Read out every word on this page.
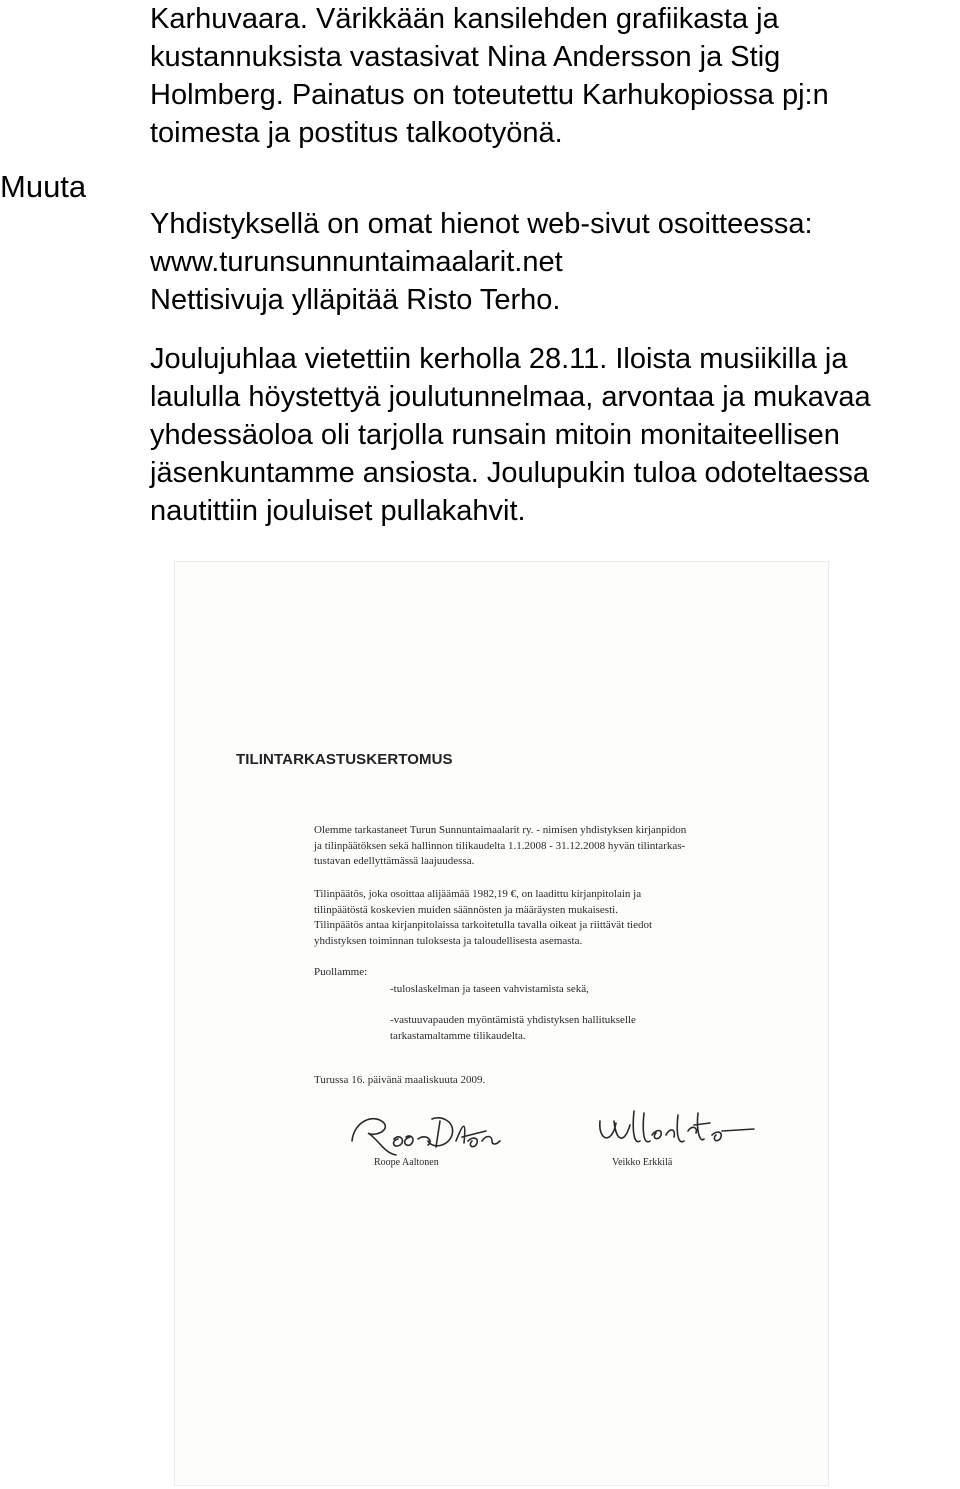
Muuta
Karhuvaara. Värikkään kansilehden grafiikasta ja
kustannuksista vastasivat Nina Andersson ja Stig
Holmberg. Painatus on toteutettu Karhukopiossa pj:n
toimesta ja postitus talkootyönä.
Yhdistyksellä on omat hienot web-sivut osoitteessa:
www.turunsunnuntaimaalarit.net
Nettisivuja ylläpitää Risto Terho.
Joulujuhlaa vietettiin kerholla 28.11. Iloista musiikilla ja
laululla höystettyä joulutunnelmaa, arvontaa ja mukavaa
yhdessäoloa oli tarjolla runsain mitoin monitaiteellisen
jäsenkuntamme ansiosta. Joulupukin tuloa odoteltaessa
nautittiin jouluiset pullakahvit.
TILINTARKASTUSKERTOMUS
Olemme tarkastaneet Turun Sunnuntaimaalarit ry. - nimisen yhdistyksen kirjanpidon
ja tilinpäätöksen sekä hallinnon tilikaudelta 1.1.2008 - 31.12.2008 hyvän tilintarkas-
tustavan edellyttämässä laajuudessa.
Tilinpäätös, joka osoittaa alijäämää 1982,19 €, on laadittu kirjanpitolain ja
tilinpäätöstä koskevien muiden säännösten ja määräysten mukaisesti.
Tilinpäätös antaa kirjanpitolaissa tarkoitetulla tavalla oikeat ja riittävät tiedot
yhdistyksen toiminnan tuloksesta ja taloudellisesta asemasta.
Puollamme:
-tuloslaskelman ja taseen vahvistamista sekä,
-vastuuvapauden myöntämistä yhdistyksen hallitukselle
tarkastamaltamme tilikaudelta.
Turussa 16. päivänä maaliskuuta 2009.
Roope Aaltonen	Veikko Erkkilä
